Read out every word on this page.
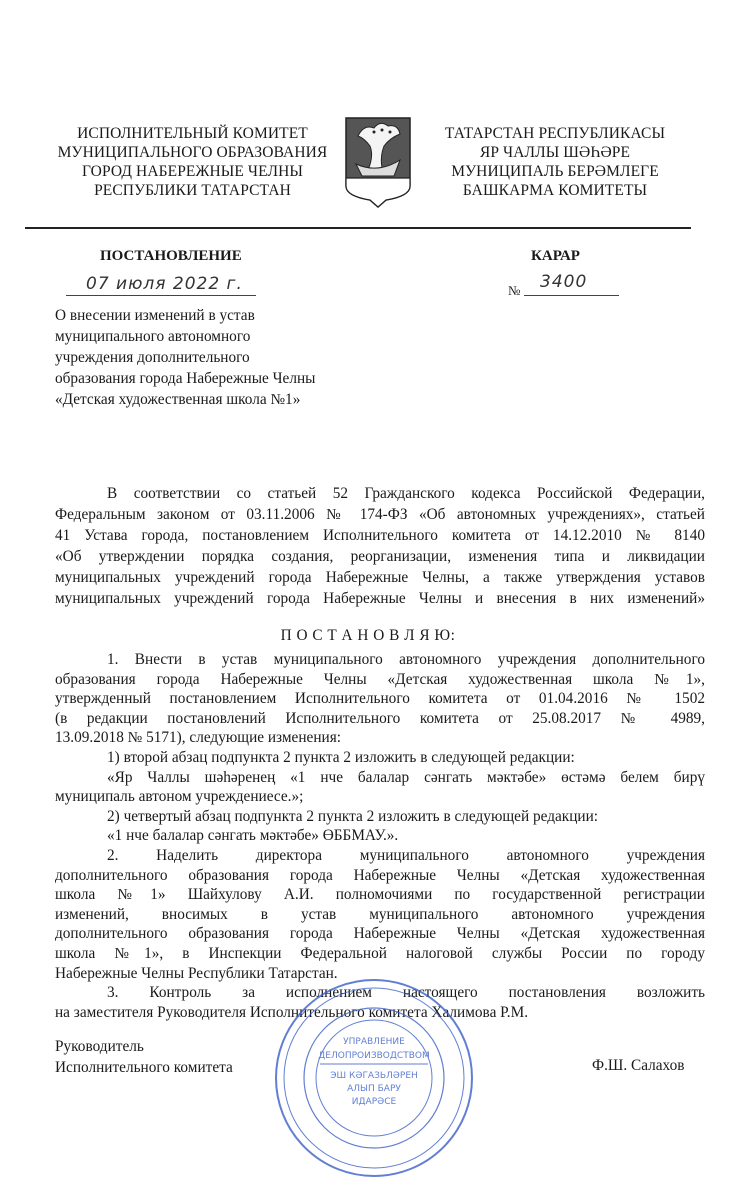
ИСПОЛНИТЕЛЬНЫЙ КОМИТЕТ
МУНИЦИПАЛЬНОГО ОБРАЗОВАНИЯ
ГОРОД НАБЕРЕЖНЫЕ ЧЕЛНЫ
РЕСПУБЛИКИ ТАТАРСТАН
ТАТАРСТАН РЕСПУБЛИКАСЫ
ЯР ЧАЛЛЫ ШӘҺӘРЕ
МУНИЦИПАЛЬ БЕРӘМЛЕГЕ
БАШКАРМА КОМИТЕТЫ
ПОСТАНОВЛЕНИЕ	КАРАР
07 июля 2022 г.	№ 3400
О внесении изменений в устав
муниципального автономного
учреждения дополнительного
образования города Набережные Челны
«Детская художественная школа №1»
В соответствии со статьей 52 Гражданского кодекса Российской Федерации,
Федеральным законом от 03.11.2006 № 174-ФЗ «Об автономных учреждениях», статьей
41 Устава города, постановлением Исполнительного комитета от 14.12.2010 № 8140
«Об утверждении порядка создания, реорганизации, изменения типа и ликвидации
муниципальных учреждений города Набережные Челны, а также утверждения уставов
муниципальных учреждений города Набережные Челны и внесения в них изменений»
П О С Т А Н О В Л Я Ю:
1. Внести в устав муниципального автономного учреждения дополнительного
образования города Набережные Челны «Детская художественная школа №1»,
утвержденный постановлением Исполнительного комитета от 01.04.2016 № 1502
(в редакции постановлений Исполнительного комитета от 25.08.2017 № 4989,
13.09.2018 № 5171), следующие изменения:
1) второй абзац подпункта 2 пункта 2 изложить в следующей редакции:
«Яр Чаллы шәһәренең «1 нче балалар сәнгать мәктәбе» өстәмә белем бирү
муниципаль автоном учреждениесе.»;
2) четвертый абзац подпункта 2 пункта 2 изложить в следующей редакции:
«1 нче балалар сәнгать мәктәбе» ӨББМАУ.».
2. Наделить директора муниципального автономного учреждения
дополнительного образования города Набережные Челны «Детская художественная
школа №1» Шайхулову А.И. полномочиями по государственной регистрации
изменений, вносимых в устав муниципального автономного учреждения
дополнительного образования города Набережные Челны «Детская художественная
школа №1», в Инспекции Федеральной налоговой службы России по городу
Набережные Челны Республики Татарстан.
3. Контроль за исполнением настоящего постановления возложить
на заместителя Руководителя Исполнительного комитета Халимова Р.М.
УПРАВЛЕНИЕ
ДЕЛОПРОИЗВОДСТВОМ
ЭШ КӘГАЗЬЛӘРЕН
АЛЫП БАРУ
ИДАРӘСЕ
Руководитель
Исполнительного комитета	Ф.Ш. Салахов
